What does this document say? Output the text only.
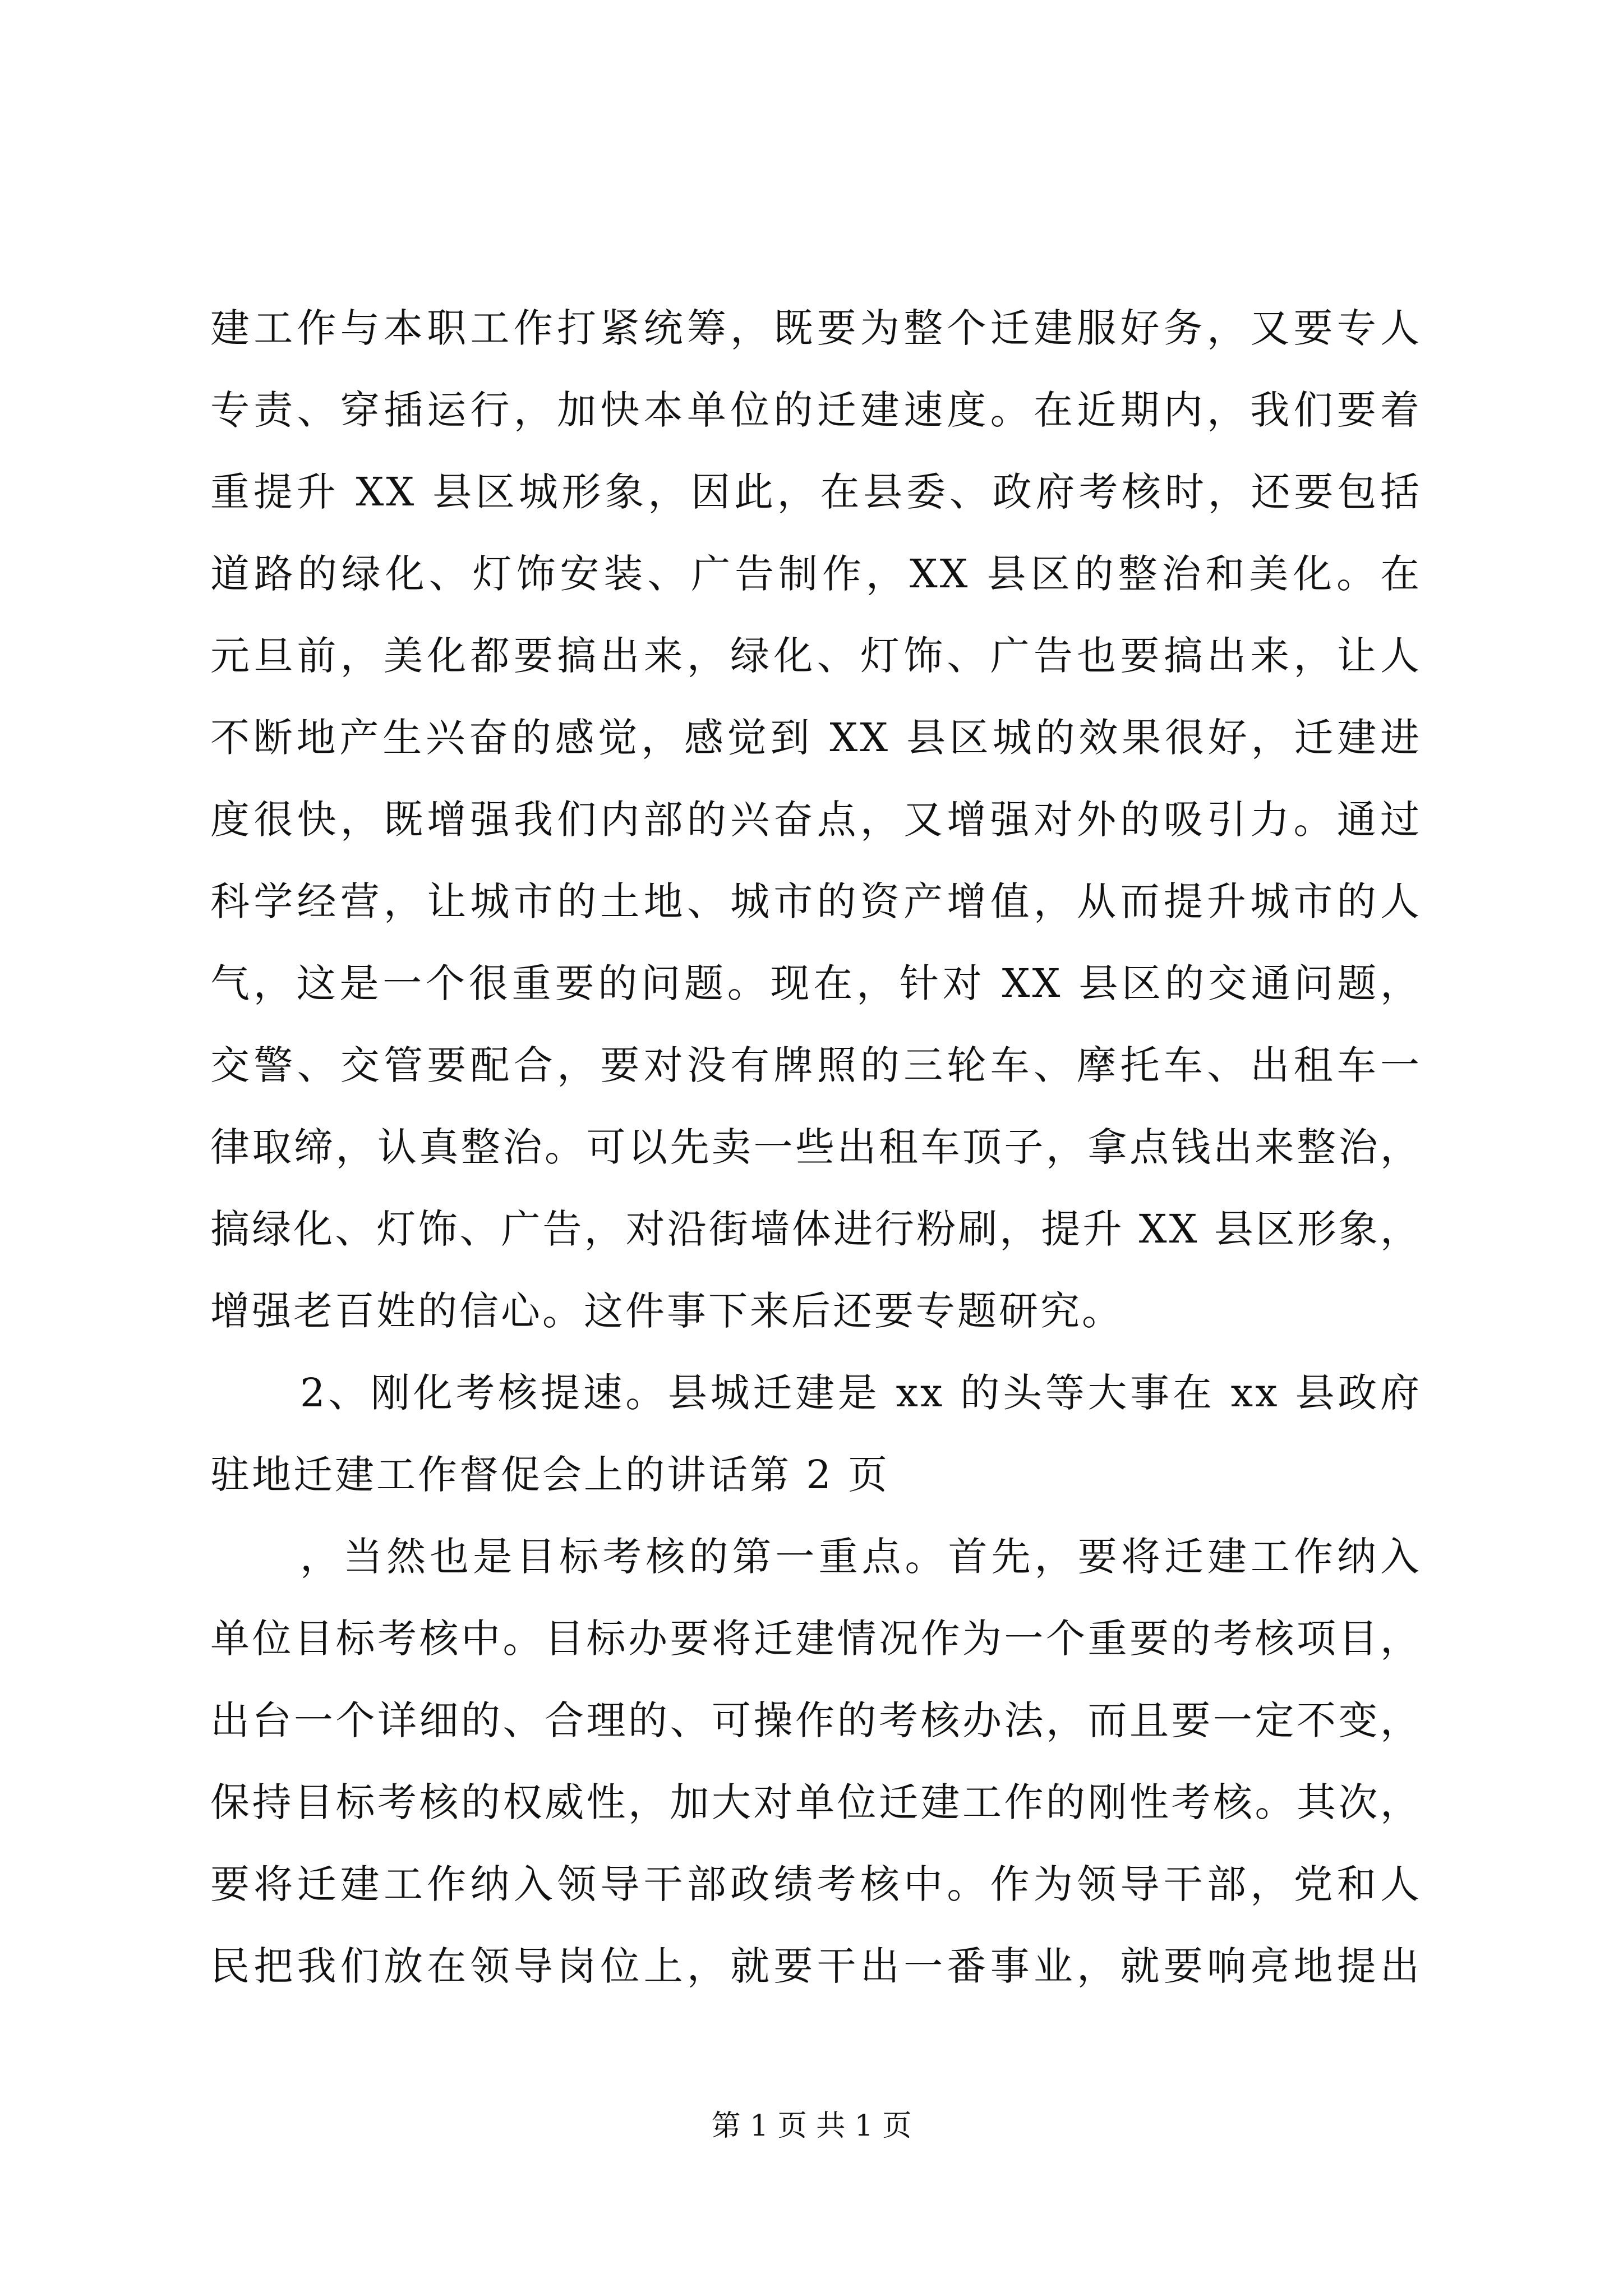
建工作与本职工作打紧统筹，既要为整个迁建服好务，又要专人
专责、穿插运行，加快本单位的迁建速度。在近期内，我们要着
重提升 XX 县区城形象，因此，在县委、政府考核时，还要包括
道路的绿化、灯饰安装、广告制作，XX 县区的整治和美化。在
元旦前，美化都要搞出来，绿化、灯饰、广告也要搞出来，让人
不断地产生兴奋的感觉，感觉到 XX 县区城的效果很好，迁建进
度很快，既增强我们内部的兴奋点，又增强对外的吸引力。通过
科学经营，让城市的土地、城市的资产增值，从而提升城市的人
气，这是一个很重要的问题。现在，针对 XX 县区的交通问题，
交警、交管要配合，要对没有牌照的三轮车、摩托车、出租车一
律取缔，认真整治。可以先卖一些出租车顶子，拿点钱出来整治，
搞绿化、灯饰、广告，对沿街墙体进行粉刷，提升 XX 县区形象，
增强老百姓的信心。这件事下来后还要专题研究。
2、刚化考核提速。县城迁建是 xx 的头等大事在 xx 县政府
驻地迁建工作督促会上的讲话第 2 页
，当然也是目标考核的第一重点。首先，要将迁建工作纳入
单位目标考核中。目标办要将迁建情况作为一个重要的考核项目，
出台一个详细的、合理的、可操作的考核办法，而且要一定不变，
保持目标考核的权威性，加大对单位迁建工作的刚性考核。其次，
要将迁建工作纳入领导干部政绩考核中。作为领导干部，党和人
民把我们放在领导岗位上，就要干出一番事业，就要响亮地提出
第 1 页 共 1 页
